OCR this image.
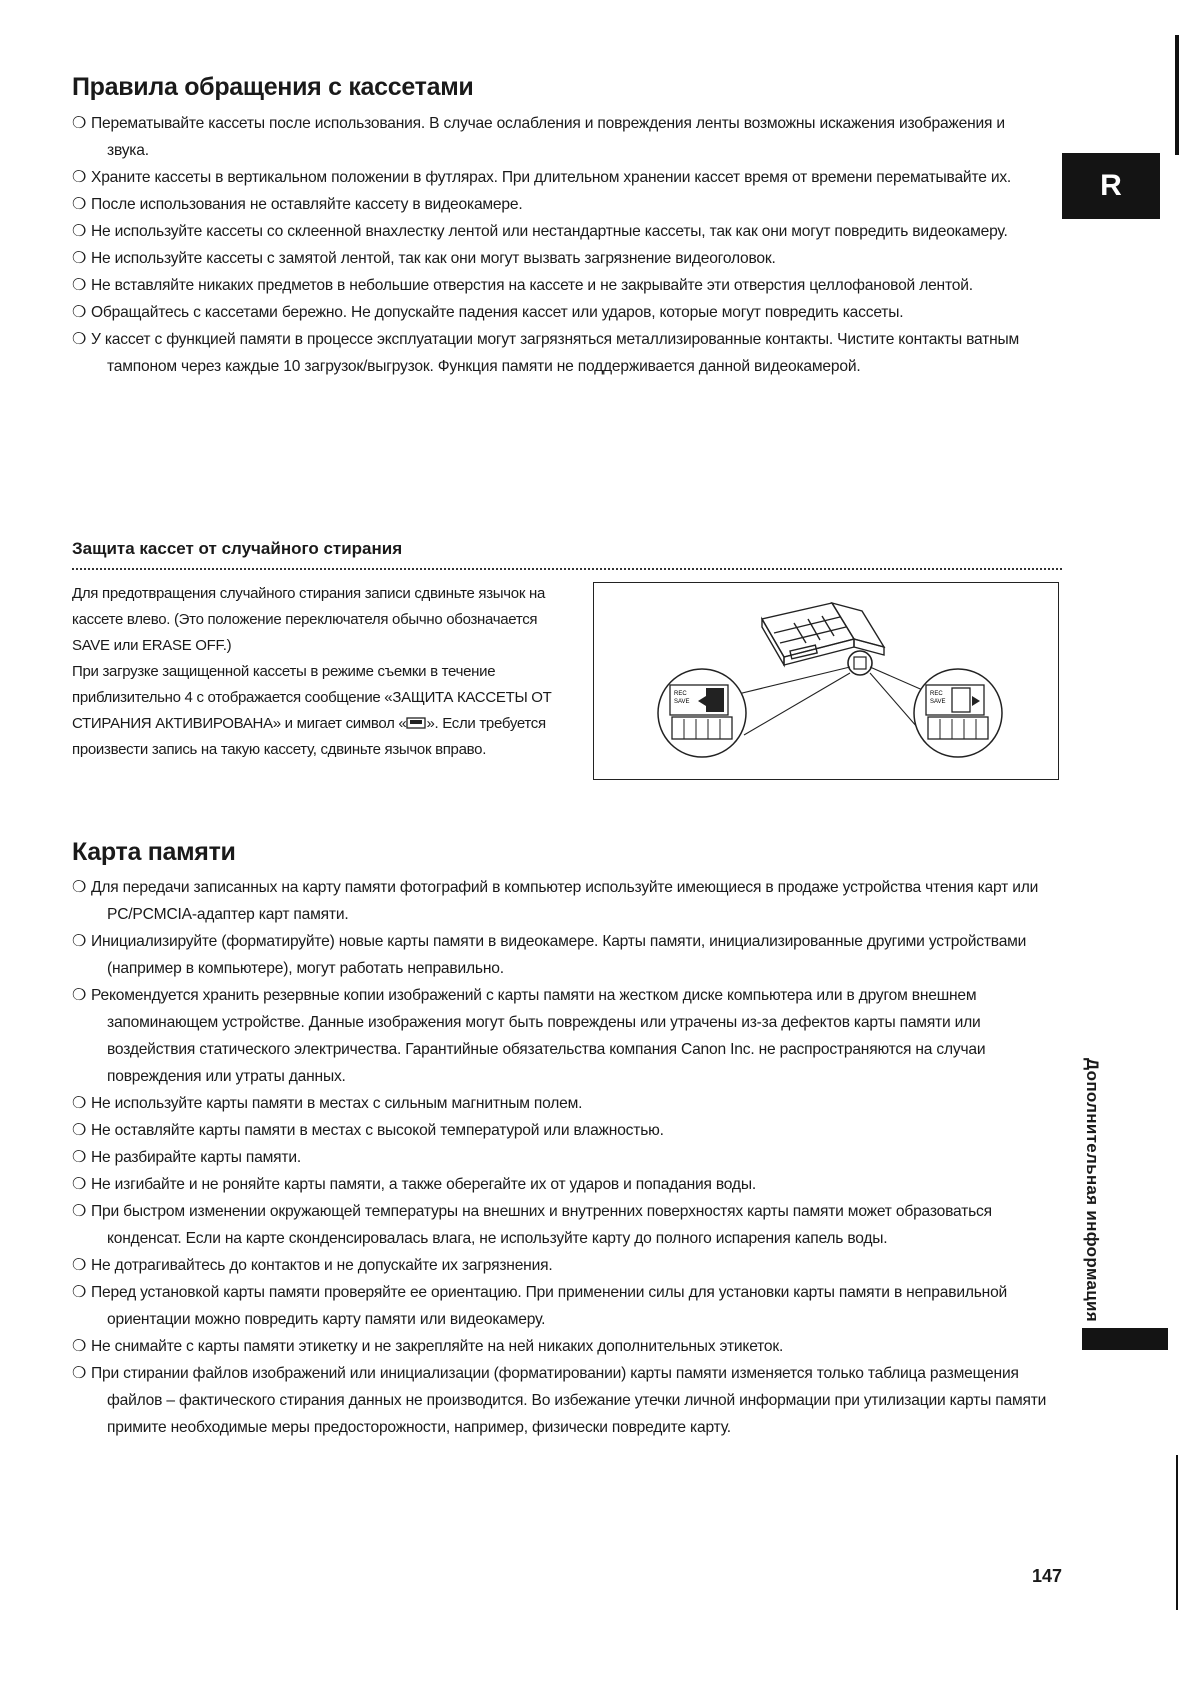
R
Правила обращения с кассетами
❍ Перематывайте кассеты после использования. В случае ослабления и повреждения ленты возможны искажения изображения и звука.
❍ Храните кассеты в вертикальном положении в футлярах. При длительном хранении кассет время от времени перематывайте их.
❍ После использования не оставляйте кассету в видеокамере.
❍ Не используйте кассеты со склеенной внахлестку лентой или нестандартные кассеты, так как они могут повредить видеокамеру.
❍ Не используйте кассеты с замятой лентой, так как они могут вызвать загрязнение видеоголовок.
❍ Не вставляйте никаких предметов в небольшие отверстия на кассете и не закрывайте эти отверстия целлофановой лентой.
❍ Обращайтесь с кассетами бережно. Не допускайте падения кассет или ударов, которые могут повредить кассеты.
❍ У кассет с функцией памяти в процессе эксплуатации могут загрязняться металлизированные контакты. Чистите контакты ватным тампоном через каждые 10 загрузок/выгрузок. Функция памяти не поддерживается данной видеокамерой.
Защита кассет от случайного стирания
Для предотвращения случайного стирания записи сдвиньте язычок на кассете влево. (Это положение переключателя обычно обозначается SAVE или ERASE OFF.)
При загрузке защищенной кассеты в режиме съемки в течение приблизительно 4 с отображается сообщение «ЗАЩИТА КАССЕТЫ ОТ СТИРАНИЯ АКТИВИРОВАНА» и мигает символ « ». Если требуется произвести запись на такую кассету, сдвиньте язычок вправо.
REC
SAVE
REC
SAVE
Карта памяти
❍ Для передачи записанных на карту памяти фотографий в компьютер используйте имеющиеся в продаже устройства чтения карт или PC/PCMCIA-адаптер карт памяти.
❍ Инициализируйте (форматируйте) новые карты памяти в видеокамере. Карты памяти, инициализированные другими устройствами (например в компьютере), могут работать неправильно.
❍ Рекомендуется хранить резервные копии изображений с карты памяти на жестком диске компьютера или в другом внешнем запоминающем устройстве. Данные изображения могут быть повреждены или утрачены из-за дефектов карты памяти или воздействия статического электричества. Гарантийные обязательства компания Canon Inc. не распространяются на случаи повреждения или утраты данных.
❍ Не используйте карты памяти в местах с сильным магнитным полем.
❍ Не оставляйте карты памяти в местах с высокой температурой или влажностью.
❍ Не разбирайте карты памяти.
❍ Не изгибайте и не роняйте карты памяти, а также оберегайте их от ударов и попадания воды.
❍ При быстром изменении окружающей температуры на внешних и внутренних поверхностях карты памяти может образоваться конденсат. Если на карте сконденсировалась влага, не используйте карту до полного испарения капель воды.
❍ Не дотрагивайтесь до контактов и не допускайте их загрязнения.
❍ Перед установкой карты памяти проверяйте ее ориентацию. При применении силы для установки карты памяти в неправильной ориентации можно повредить карту памяти или видеокамеру.
❍ Не снимайте с карты памяти этикетку и не закрепляйте на ней никаких дополнительных этикеток.
❍ При стирании файлов изображений или инициализации (форматировании) карты памяти изменяется только таблица размещения файлов – фактического стирания данных не производится. Во избежание утечки личной информации при утилизации карты памяти примите необходимые меры предосторожности, например, физически повредите карту.
Дополнительная информация
147
